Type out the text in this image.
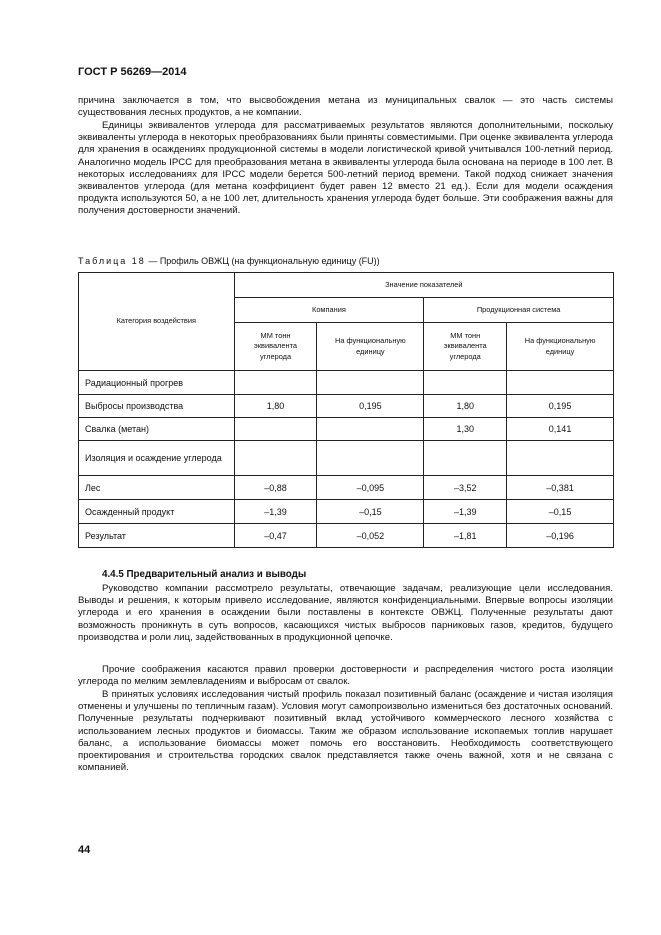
ГОСТ Р 56269—2014

причина заключается в том, что высвобождения метана из муниципальных свалок — это часть системы существования лесных продуктов, а не компании.

Единицы эквивалентов углерода для рассматриваемых результатов являются дополнительными, поскольку эквиваленты углерода в некоторых преобразованиях были приняты совместимыми. При оценке эквивалента углерода для хранения в осаждениях продукционной системы в модели логистической кривой учитывался 100-летний период. Аналогично модель IPCC для преобразования метана в эквиваленты углерода была основана на периоде в 100 лет. В некоторых исследованиях для IPCC модели берется 500-летний период времени. Такой подход снижает значения эквивалентов углерода (для метана коэффициент будет равен 12 вместо 21 ед.). Если для модели осаждения продукта используются 50, а не 100 лет, длительность хранения углерода будет больше. Эти соображения важны для получения достоверности значений.

Таблица 18 — Профиль ОВЖЦ (на функциональную единицу (FU))
Категория воздействия	Значение показателей			
	Компания		Продукционная система	
	ММ тонн эквивалента углерода	На функциональную единицу	ММ тонн эквивалента углерода	На функциональную единицу
Радиационный прогрев				
Выбросы производства	1,80	0,195	1,80	0,195
Свалка (метан)			1,30	0,141
Изоляция и осаждение углерода				
Лес	–0,88	–0,095	–3,52	–0,381
Осажденный продукт	–1,39	–0,15	–1,39	–0,15
Результат	–0,47	–0,052	–1,81	–0,196
4.4.5 Предварительный анализ и выводы

Руководство компании рассмотрело результаты, отвечающие задачам, реализующие цели исследования. Выводы и решения, к которым привело исследование, являются конфиденциальными. Впервые вопросы изоляции углерода и его хранения в осаждении были поставлены в контексте ОВЖЦ. Полученные результаты дают возможность проникнуть в суть вопросов, касающихся чистых выбросов парниковых газов, кредитов, будущего производства и роли лиц, задействованных в продукционной цепочке.

Прочие соображения касаются правил проверки достоверности и распределения чистого роста изоляции углерода по мелким землевладениям и выбросам от свалок.

В принятых условиях исследования чистый профиль показал позитивный баланс (осаждение и чистая изоляция отменены и улучшены по тепличным газам). Условия могут самопроизвольно измениться без достаточных оснований. Полученные результаты подчеркивают позитивный вклад устойчивого коммерческого лесного хозяйства с использованием лесных продуктов и биомассы. Таким же образом использование ископаемых топлив нарушает баланс, а использование биомассы может помочь его восстановить. Необходимость соответствующего проектирования и строительства городских свалок представляется также очень важной, хотя и не связана с компанией.

44
